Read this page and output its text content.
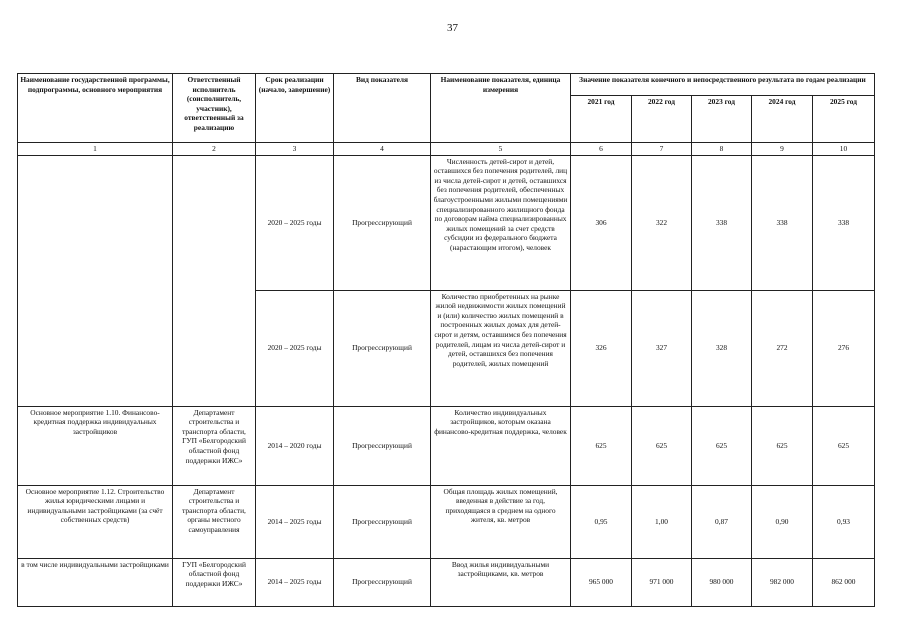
37
Наименование государственной программы, подпрограммы, основного мероприятия	Ответственный исполнитель (соисполнитель, участник), ответственный за реализацию	Срок реализации (начало, завершение)	Вид показателя	Наименование показателя, единица измерения	Значение показателя конечного и непосредственного результата по годам реализации				
					2021 год	2022 год	2023 год	2024 год	2025 год
1	2	3	4	5	6	7	8	9	10
		2020 – 2025 годы	Прогрессирующий	Численность детей-сирот и детей, оставшихся без попечения родителей, лиц из числа детей-сирот и детей, оставшихся без попечения родителей, обеспеченных благоустроенными жилыми помещениями специализированного жилищного фонда по договорам найма специализированных жилых помещений за счет средств субсидии из федерального бюджета (нарастающим итогом), человек	306	322	338	338	338
		2020 – 2025 годы	Прогрессирующий	Количество приобретенных на рынке жилой недвижимости жилых помещений и (или) количество жилых помещений в построенных жилых домах для детей-сирот и детям, оставшимся без попечения родителей, лицам из числа детей-сирот и детей, оставшихся без попечения родителей, жилых помещений	326	327	328	272	276
Основное мероприятие 1.10. Финансово-кредитная поддержка индивидуальных застройщиков	Департамент строительства и транспорта области, ГУП «Белгородский областной фонд поддержки ИЖС»	2014 – 2020 годы	Прогрессирующий	Количество индивидуальных застройщиков, которым оказана финансово-кредитная поддержка, человек	625	625	625	625	625
Основное мероприятие 1.12. Строительство жилья юридическими лицами и индивидуальными застройщиками (за счёт собственных средств)	Департамент строительства и транспорта области, органы местного самоуправления	2014 – 2025 годы	Прогрессирующий	Общая площадь жилых помещений, введенная в действие за год, приходящаяся в среднем на одного жителя, кв. метров	0,95	1,00	0,87	0,90	0,93
в том числе индивидуальными застройщиками	ГУП «Белгородский областной фонд поддержки ИЖС»	2014 – 2025 годы	Прогрессирующий	Ввод жилья индивидуальными застройщиками, кв. метров	965 000	971 000	980 000	982 000	862 000
